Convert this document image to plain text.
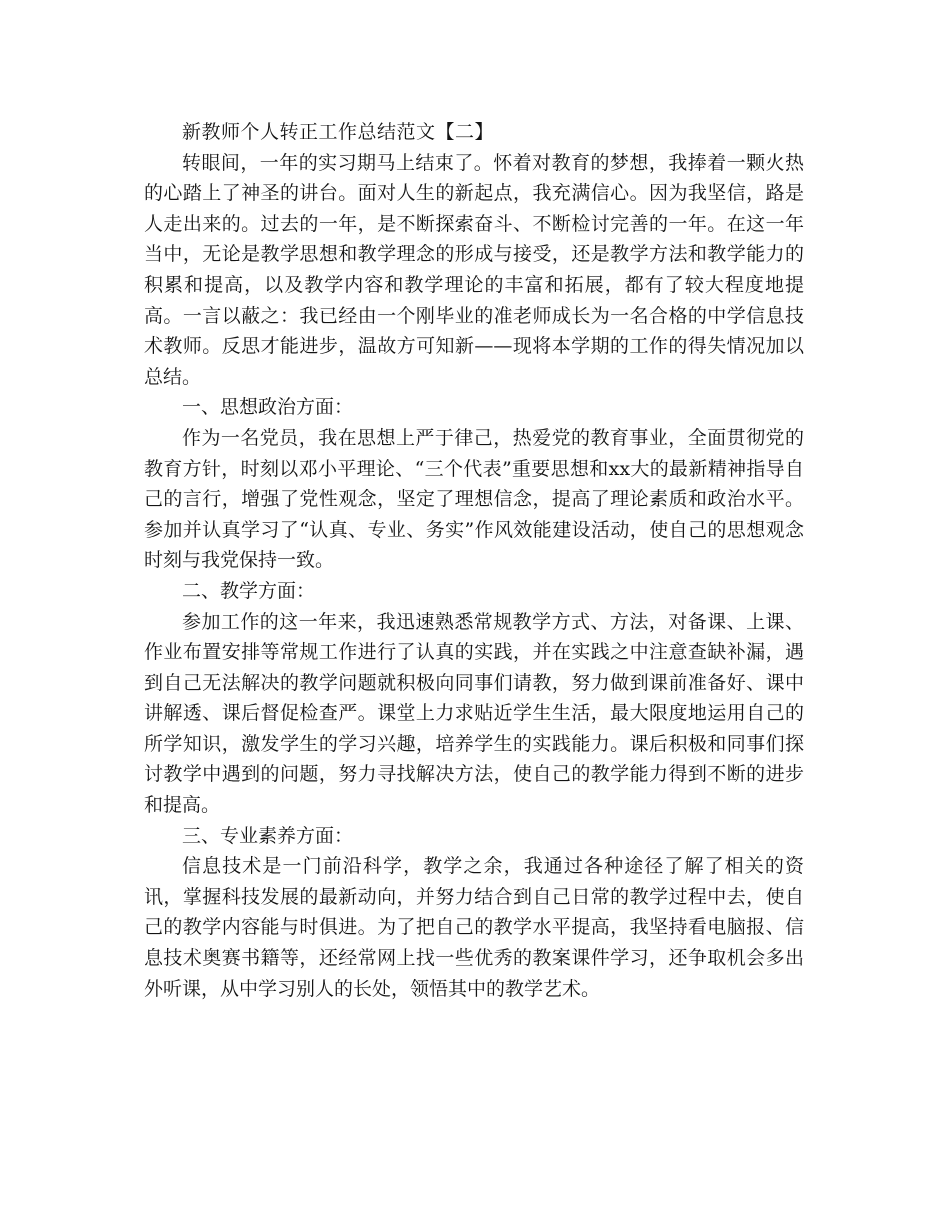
新教师个人转正工作总结范文【二】

转眼间，一年的实习期马上结束了。怀着对教育的梦想，我捧着一颗火热的心踏上了神圣的讲台。面对人生的新起点，我充满信心。因为我坚信，路是人走出来的。过去的一年，是不断探索奋斗、不断检讨完善的一年。在这一年当中，无论是教学思想和教学理念的形成与接受，还是教学方法和教学能力的积累和提高，以及教学内容和教学理论的丰富和拓展，都有了较大程度地提高。一言以蔽之：我已经由一个刚毕业的准老师成长为一名合格的中学信息技术教师。反思才能进步，温故方可知新——现将本学期的工作的得失情况加以总结。

一、思想政治方面：

作为一名党员，我在思想上严于律己，热爱党的教育事业，全面贯彻党的教育方针，时刻以邓小平理论、“三个代表”重要思想和xx大的最新精神指导自己的言行，增强了党性观念，坚定了理想信念，提高了理论素质和政治水平。参加并认真学习了“认真、专业、务实”作风效能建设活动，使自己的思想观念时刻与我党保持一致。

二、教学方面：

参加工作的这一年来，我迅速熟悉常规教学方式、方法，对备课、上课、作业布置安排等常规工作进行了认真的实践，并在实践之中注意查缺补漏，遇到自己无法解决的教学问题就积极向同事们请教，努力做到课前准备好、课中讲解透、课后督促检查严。课堂上力求贴近学生生活，最大限度地运用自己的所学知识，激发学生的学习兴趣，培养学生的实践能力。课后积极和同事们探讨教学中遇到的问题，努力寻找解决方法，使自己的教学能力得到不断的进步和提高。

三、专业素养方面：

信息技术是一门前沿科学，教学之余，我通过各种途径了解了相关的资讯，掌握科技发展的最新动向，并努力结合到自己日常的教学过程中去，使自己的教学内容能与时俱进。为了把自己的教学水平提高，我坚持看电脑报、信息技术奥赛书籍等，还经常网上找一些优秀的教案课件学习，还争取机会多出外听课，从中学习别人的长处，领悟其中的教学艺术。
